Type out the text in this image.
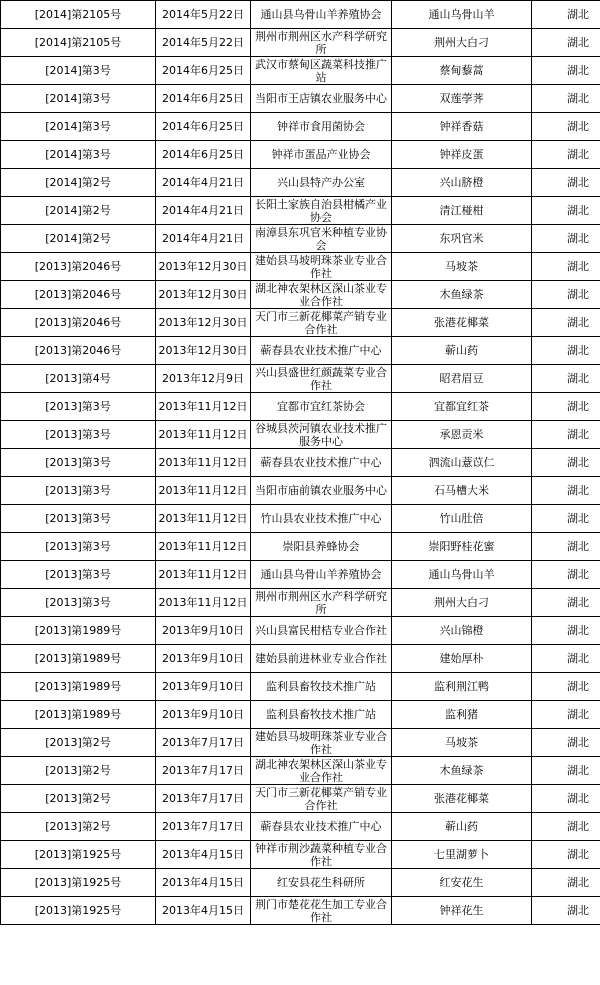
[2014]第2105号	2014年5月22日	通山县乌骨山羊养殖协会	通山乌骨山羊	湖北
[2014]第2105号	2014年5月22日	荆州市荆州区水产科学研究所	荆州大白刁	湖北
[2014]第3号	2014年6月25日	武汉市蔡甸区蔬菜科技推广站	蔡甸藜蒿	湖北
[2014]第3号	2014年6月25日	当阳市王店镇农业服务中心	双莲荸荠	湖北
[2014]第3号	2014年6月25日	钟祥市食用菌协会	钟祥香菇	湖北
[2014]第3号	2014年6月25日	钟祥市蛋品产业协会	钟祥皮蛋	湖北
[2014]第2号	2014年4月21日	兴山县特产办公室	兴山脐橙	湖北
[2014]第2号	2014年4月21日	长阳土家族自治县柑橘产业协会	清江椪柑	湖北
[2014]第2号	2014年4月21日	南漳县东巩官米种植专业协会	东巩官米	湖北
[2013]第2046号	2013年12月30日	建始县马坡明珠茶业专业合作社	马坡茶	湖北
[2013]第2046号	2013年12月30日	湖北神农架林区深山茶业专业合作社	木鱼绿茶	湖北
[2013]第2046号	2013年12月30日	天门市三新花椰菜产销专业合作社	张港花椰菜	湖北
[2013]第2046号	2013年12月30日	蕲春县农业技术推广中心	蕲山药	湖北
[2013]第4号	2013年12月9日	兴山县盛世红颜蔬菜专业合作社	昭君眉豆	湖北
[2013]第3号	2013年11月12日	宜都市宜红茶协会	宜都宜红茶	湖北
[2013]第3号	2013年11月12日	谷城县茨河镇农业技术推广服务中心	承恩贡米	湖北
[2013]第3号	2013年11月12日	蕲春县农业技术推广中心	泗流山薏苡仁	湖北
[2013]第3号	2013年11月12日	当阳市庙前镇农业服务中心	石马槽大米	湖北
[2013]第3号	2013年11月12日	竹山县农业技术推广中心	竹山肚倍	湖北
[2013]第3号	2013年11月12日	崇阳县养蜂协会	崇阳野桂花蜜	湖北
[2013]第3号	2013年11月12日	通山县乌骨山羊养殖协会	通山乌骨山羊	湖北
[2013]第3号	2013年11月12日	荆州市荆州区水产科学研究所	荆州大白刁	湖北
[2013]第1989号	2013年9月10日	兴山县富民柑桔专业合作社	兴山锦橙	湖北
[2013]第1989号	2013年9月10日	建始县前进林业专业合作社	建始厚朴	湖北
[2013]第1989号	2013年9月10日	监利县畜牧技术推广站	监利荆江鸭	湖北
[2013]第1989号	2013年9月10日	监利县畜牧技术推广站	监利猪	湖北
[2013]第2号	2013年7月17日	建始县马坡明珠茶业专业合作社	马坡茶	湖北
[2013]第2号	2013年7月17日	湖北神农架林区深山茶业专业合作社	木鱼绿茶	湖北
[2013]第2号	2013年7月17日	天门市三新花椰菜产销专业合作社	张港花椰菜	湖北
[2013]第2号	2013年7月17日	蕲春县农业技术推广中心	蕲山药	湖北
[2013]第1925号	2013年4月15日	钟祥市荆沙蔬菜种植专业合作社	七里湖萝卜	湖北
[2013]第1925号	2013年4月15日	红安县花生科研所	红安花生	湖北
[2013]第1925号	2013年4月15日	荆门市楚花花生加工专业合作社	钟祥花生	湖北
